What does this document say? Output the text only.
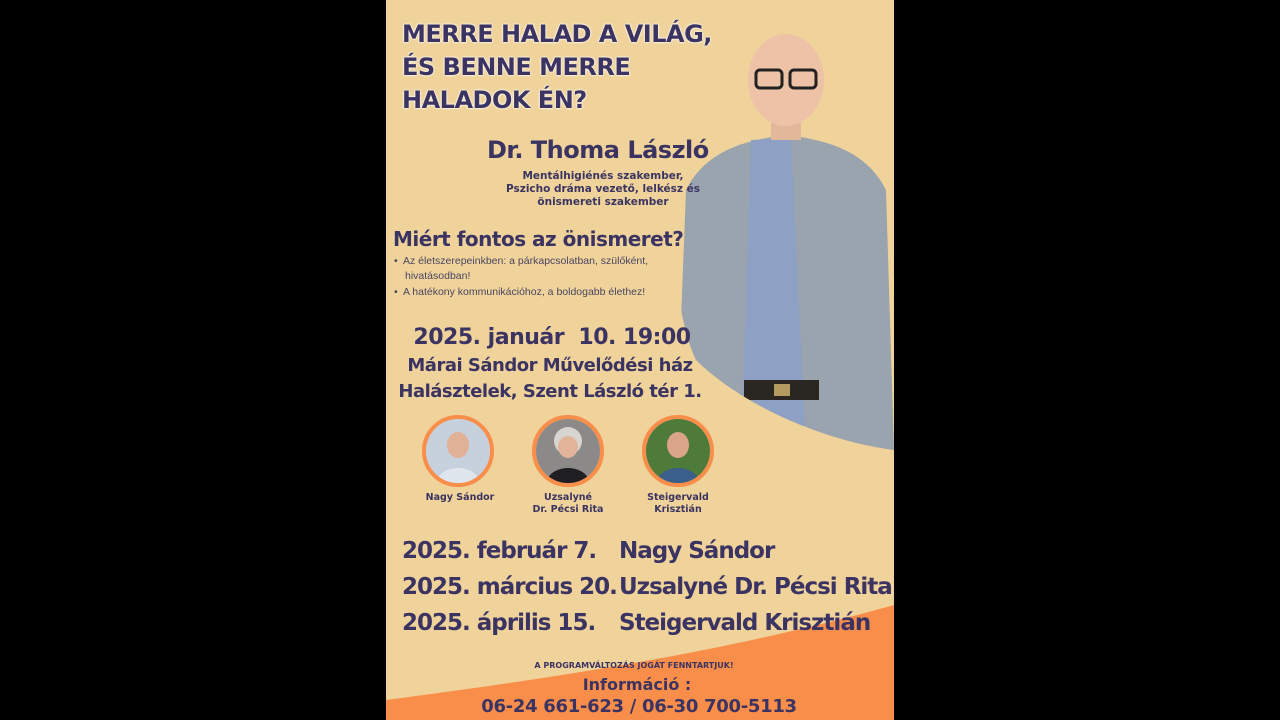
MERRE HALAD A VILÁG,
ÉS BENNE MERRE
HALADOK ÉN?
Dr. Thoma László
Mentálhigiénés szakember,
Pszicho dráma vezető, lelkész és
önismereti szakember
Miért fontos az önismeret?
•  Az életszerepeinkben: a párkapcsolatban, szülőként,
hivatásodban!
•  A hatékony kommunikációhoz, a boldogabb élethez!
2025. január  10. 19:00
Márai Sándor Művelődési ház
Halásztelek, Szent László tér 1.
Nagy Sándor	Uzsalyné
Dr. Pécsi Rita
Steigervald
Krisztián
2025. február 7. Nagy Sándor
2025. március 20. Uzsalyné Dr. Pécsi Rita
2025. április 15. Steigervald Krisztián
A PROGRAMVÁLTOZÁS JOGÁT FENNTARTJUK!
Információ :
06-24 661-623 / 06-30 700-5113
